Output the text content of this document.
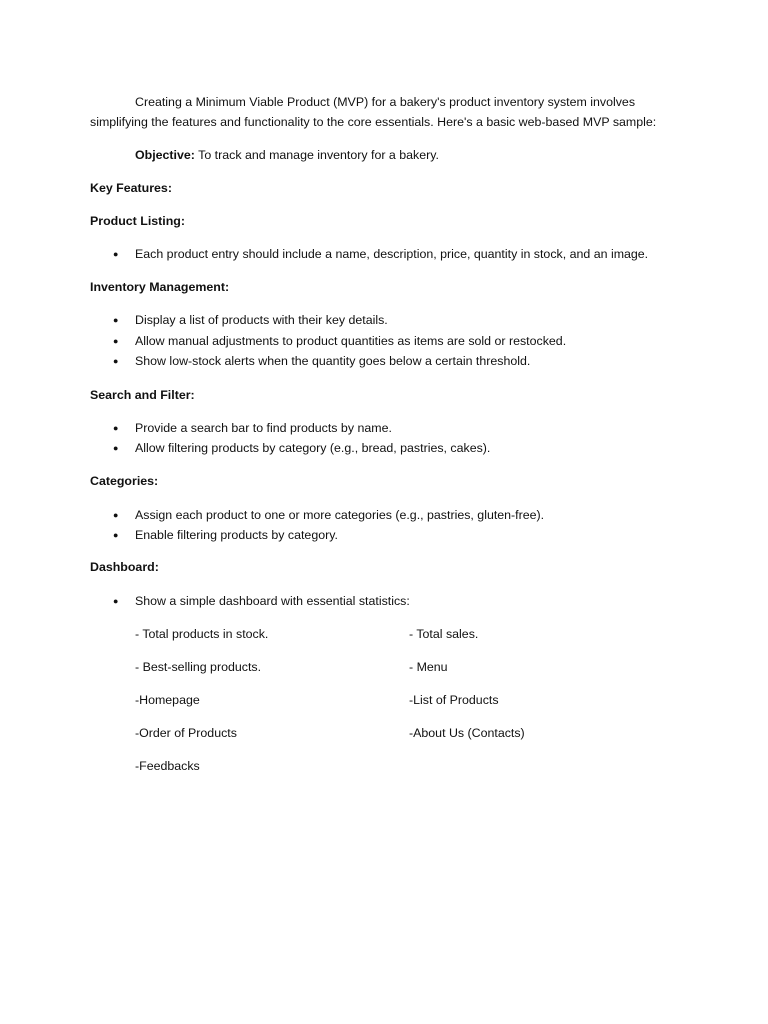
Creating a Minimum Viable Product (MVP) for a bakery's product inventory system involves
simplifying the features and functionality to the core essentials. Here's a basic web-based MVP sample:
Objective: To track and manage inventory for a bakery.
Key Features:
Product Listing:
● Each product entry should include a name, description, price, quantity in stock, and an image.
Inventory Management:
● Display a list of products with their key details.
● Allow manual adjustments to product quantities as items are sold or restocked.
● Show low-stock alerts when the quantity goes below a certain threshold.
Search and Filter:
● Provide a search bar to find products by name.
● Allow filtering products by category (e.g., bread, pastries, cakes).
Categories:
● Assign each product to one or more categories (e.g., pastries, gluten-free).
● Enable filtering products by category.
Dashboard:
● Show a simple dashboard with essential statistics:
- Total products in stock.	- Total sales.
- Best-selling products.	- Menu
-Homepage	-List of Products
-Order of Products	-About Us (Contacts)
-Feedbacks
